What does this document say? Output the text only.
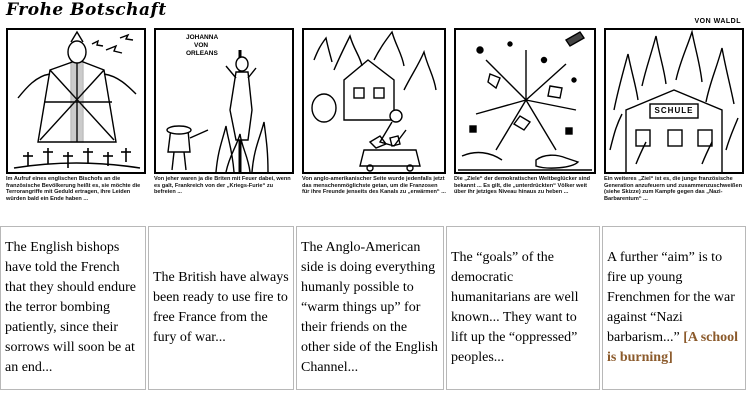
Frohe Botschaft
VON WALDL
Im Aufruf eines englischen Bischofs an die französische Bevölkerung heißt es, sie möchte die Terrorangriffe mit Geduld ertragen, ihre Leiden würden bald ein Ende haben ...
JOHANNA
VON
ORLEANS
Von jeher waren ja die Briten mit Feuer dabei, wenn es galt, Frankreich von der „Kriegs-Furie“ zu befreien ...
Von anglo-amerikanischer Seite wurde jedenfalls jetzt das menschenmöglichste getan, um die Franzosen für ihre Freunde jenseits des Kanals zu „erwärmen“ ...
Die „Ziele“ der demokratischen Weltbeglücker sind bekannt ... Es gilt, die „unterdrückten“ Völker weit über ihr jetziges Niveau hinaus zu heben ...
SCHULE
Ein weiteres „Ziel“ ist es, die junge französische Generation anzufeuern und zusammenzuschweißen (siehe Skizze) zum Kampfe gegen das „Nazi-Barbarentum“ ...

The English bishops have told the French that they should endure the terror bombing patiently, since their sorrows will soon be at an end...

The British have always been ready to use fire to free France from the fury of war...

The Anglo-American side is doing everything humanly possible to “warm things up” for their friends on the other side of the English Channel...

The “goals” of the democratic humanitarians are well known... They want to lift up the “oppressed” peoples...

A further “aim” is to fire up young Frenchmen for the war against “Nazi barbarism...” [A school is burning]
